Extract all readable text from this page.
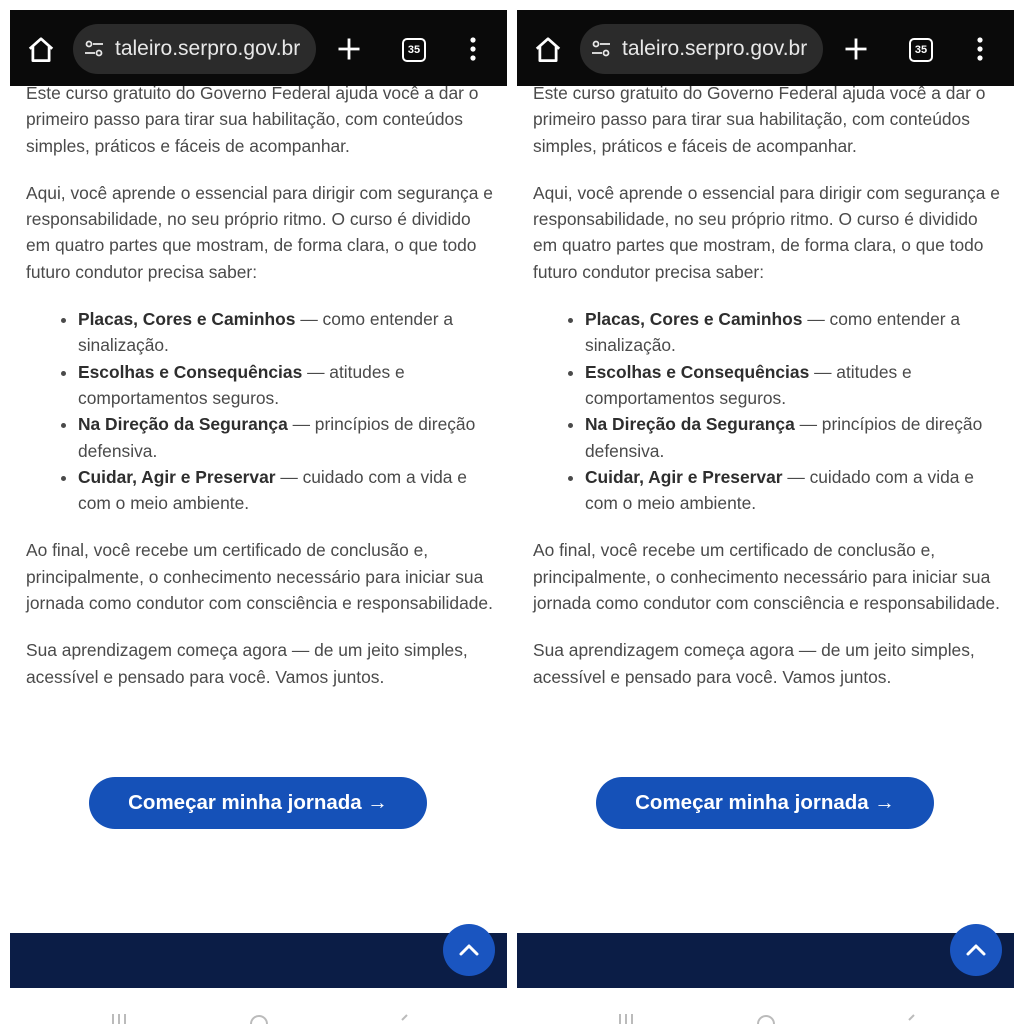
taleiro.serpro.gov.br	35

Este curso gratuito do Governo Federal ajuda você a dar o primeiro passo para tirar sua habilitação, com conteúdos simples, práticos e fáceis de acompanhar.

Aqui, você aprende o essencial para dirigir com segurança e responsabilidade, no seu próprio ritmo. O curso é dividido em quatro partes que mostram, de forma clara, o que todo futuro condutor precisa saber:

• Placas, Cores e Caminhos — como entender a sinalização.
• Escolhas e Consequências — atitudes e comportamentos seguros.
• Na Direção da Segurança — princípios de direção defensiva.
• Cuidar, Agir e Preservar — cuidado com a vida e com o meio ambiente.

Ao final, você recebe um certificado de conclusão e, principalmente, o conhecimento necessário para iniciar sua jornada como condutor com consciência e responsabilidade.

Sua aprendizagem começa agora — de um jeito simples, acessível e pensado para você. Vamos juntos.

Começar minha jornada →
taleiro.serpro.gov.br	35

Este curso gratuito do Governo Federal ajuda você a dar o primeiro passo para tirar sua habilitação, com conteúdos simples, práticos e fáceis de acompanhar.

Aqui, você aprende o essencial para dirigir com segurança e responsabilidade, no seu próprio ritmo. O curso é dividido em quatro partes que mostram, de forma clara, o que todo futuro condutor precisa saber:

• Placas, Cores e Caminhos — como entender a sinalização.
• Escolhas e Consequências — atitudes e comportamentos seguros.
• Na Direção da Segurança — princípios de direção defensiva.
• Cuidar, Agir e Preservar — cuidado com a vida e com o meio ambiente.

Ao final, você recebe um certificado de conclusão e, principalmente, o conhecimento necessário para iniciar sua jornada como condutor com consciência e responsabilidade.

Sua aprendizagem começa agora — de um jeito simples, acessível e pensado para você. Vamos juntos.

Começar minha jornada →
